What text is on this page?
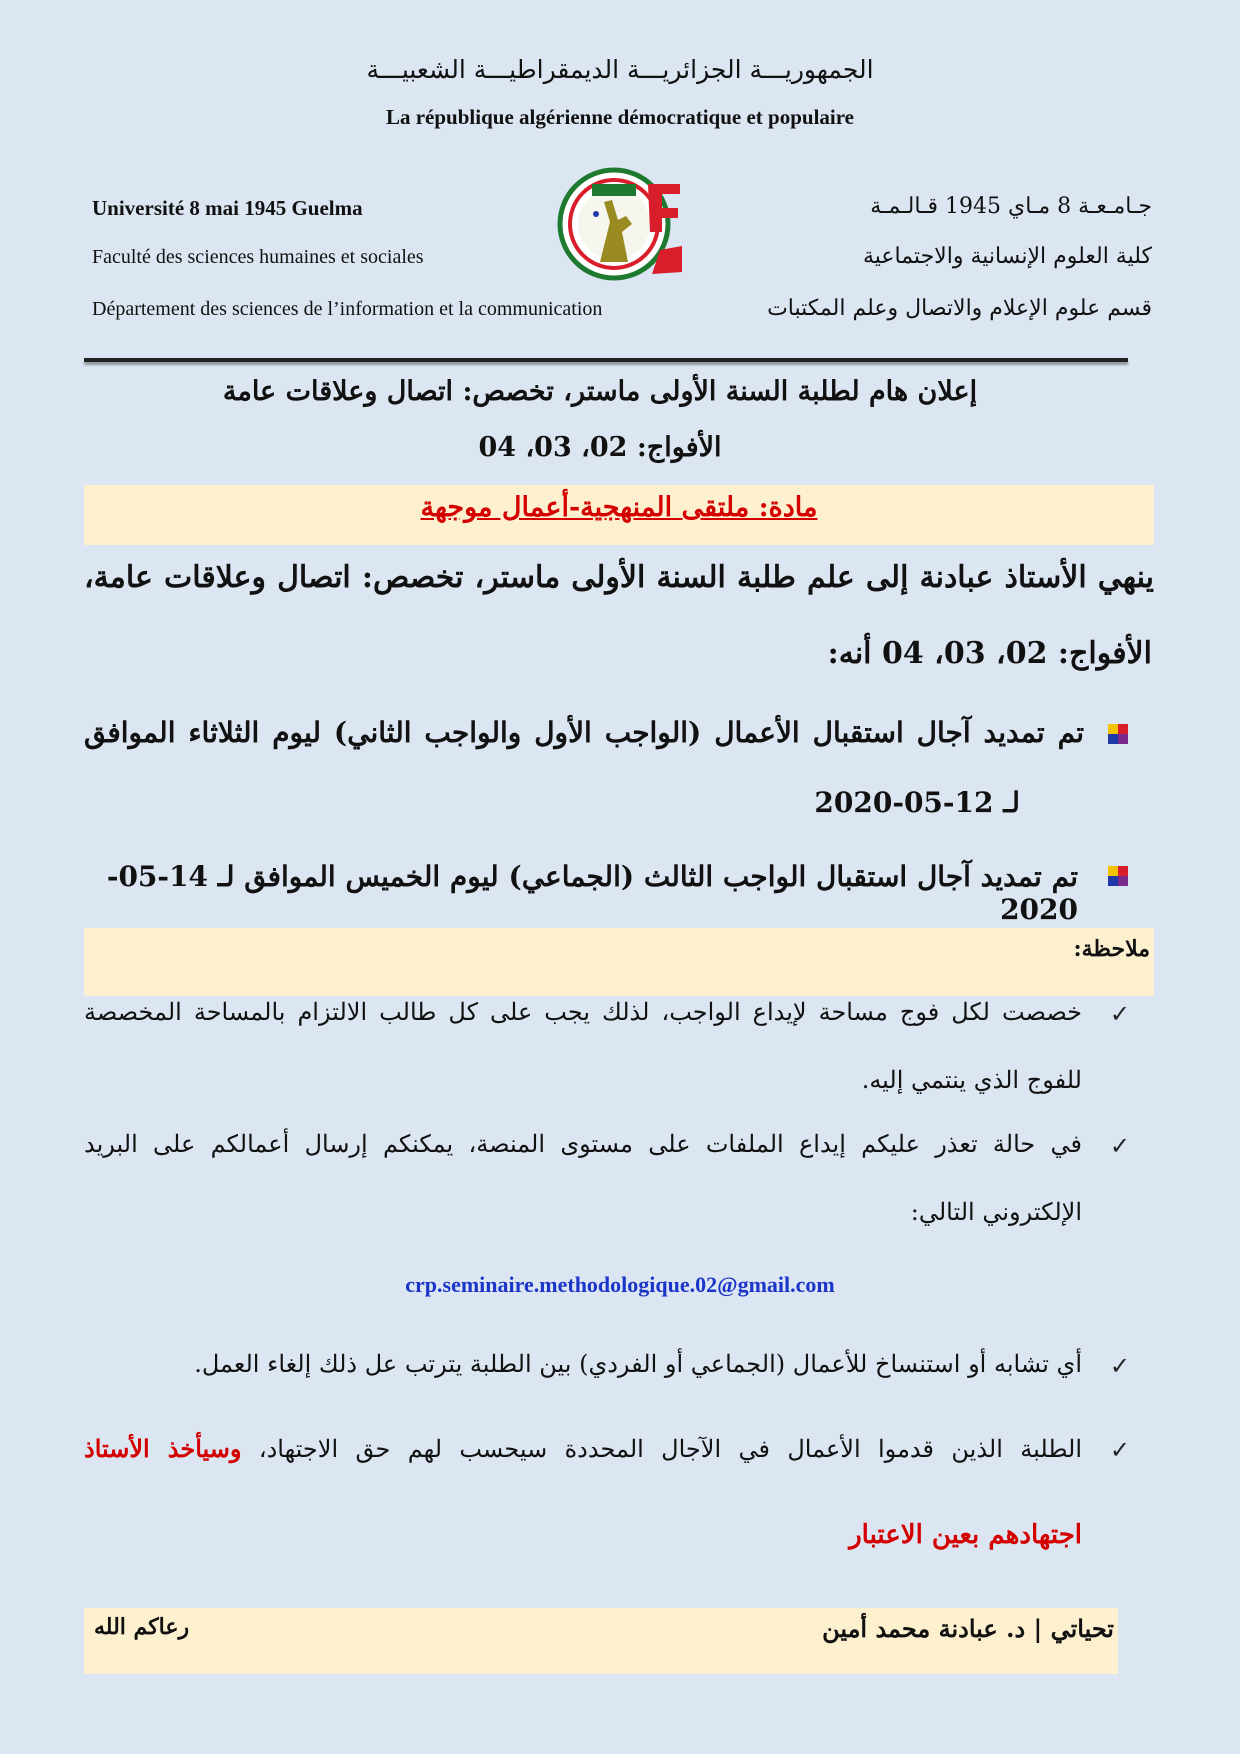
الجمهوريـــة الجزائريـــة الديمقراطيـــة الشعبيـــة
La république algérienne démocratique et populaire
Université 8 mai 1945 Guelma
Faculté des sciences humaines et sociales
Département des sciences de l’information et la communication
جـامـعـة 8 مـاي 1945 قـالـمـة
كلية العلوم الإنسانية والاجتماعية
قسم علوم الإعلام والاتصال وعلم المكتبات
إعلان هام لطلبة السنة الأولى ماستر، تخصص: اتصال وعلاقات عامة
الأفواج: 02، 03، 04
مادة: ملتقى المنهجية-أعمال موجهة
ينهي الأستاذ عبادنة إلى علم طلبة السنة الأولى ماستر، تخصص: اتصال وعلاقات عامة،
الأفواج: 02، 03، 04 أنه:
تم تمديد آجال استقبال الأعمال (الواجب الأول والواجب الثاني) ليوم الثلاثاء الموافق
لـ 12-05-2020
تم تمديد آجال استقبال الواجب الثالث (الجماعي) ليوم الخميس الموافق لـ 14-05-2020
ملاحظة:
✓
خصصت لكل فوج مساحة لإيداع الواجب، لذلك يجب على كل طالب الالتزام بالمساحة المخصصة
للفوج الذي ينتمي إليه.
✓
في حالة تعذر عليكم إيداع الملفات على مستوى المنصة، يمكنكم إرسال أعمالكم على البريد
الإلكتروني التالي:
crp.seminaire.methodologique.02@gmail.com
✓
أي تشابه أو استنساخ للأعمال (الجماعي أو الفردي) بين الطلبة يترتب عل ذلك إلغاء العمل.
✓
الطلبة الذين قدموا الأعمال في الآجال المحددة سيحسب لهم حق الاجتهاد، وسيأخذ الأستاذ
اجتهادهم بعين الاعتبار
تحياتي | د. عبادنة محمد أمين
رعاكم الله
